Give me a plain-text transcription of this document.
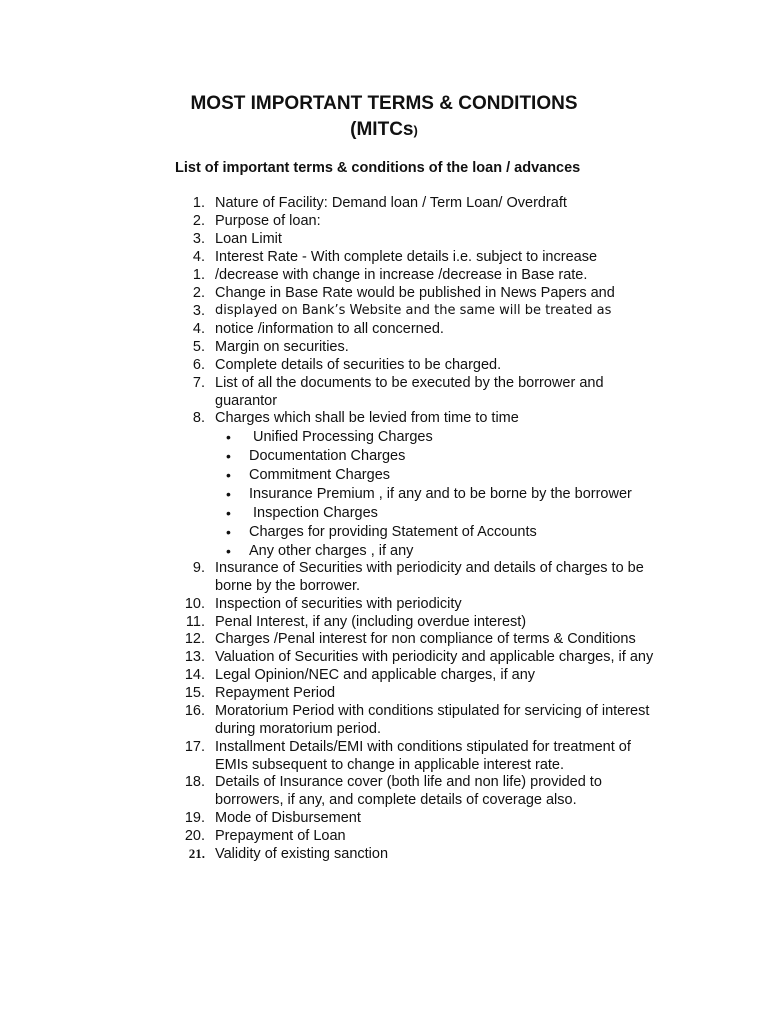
MOST IMPORTANT TERMS & CONDITIONS
(MITCs)
List of important terms & conditions of the loan / advances
1. Nature of Facility: Demand loan / Term Loan/ Overdraft
2. Purpose of loan:
3. Loan Limit
4. Interest Rate - With complete details i.e. subject to increase
1. /decrease with change in increase /decrease in Base rate.
2. Change in Base Rate would be published in News Papers and
3. displayed on Bank’s Website and the same will be treated as
4. notice /information to all concerned.
5. Margin on securities.
6. Complete details of securities to be charged.
7. List of all the documents to be executed by the borrower and
guarantor
8. Charges which shall be levied from time to time
• Unified Processing Charges
• Documentation Charges
• Commitment Charges
• Insurance Premium , if any and to be borne by the borrower
• Inspection Charges
• Charges for providing Statement of Accounts
• Any other charges , if any
9. Insurance of Securities with periodicity and details of charges to be
borne by the borrower.
10. Inspection of securities with periodicity
11. Penal Interest, if any (including overdue interest)
12. Charges /Penal interest for non compliance of terms & Conditions
13. Valuation of Securities with periodicity and applicable charges, if any
14. Legal Opinion/NEC and applicable charges, if any
15. Repayment Period
16. Moratorium Period with conditions stipulated for servicing of interest
during moratorium period.
17. Installment Details/EMI with conditions stipulated for treatment of
EMIs subsequent to change in applicable interest rate.
18. Details of Insurance cover (both life and non life) provided to
borrowers, if any, and complete details of coverage also.
19. Mode of Disbursement
20. Prepayment of Loan
21. Validity of existing sanction
